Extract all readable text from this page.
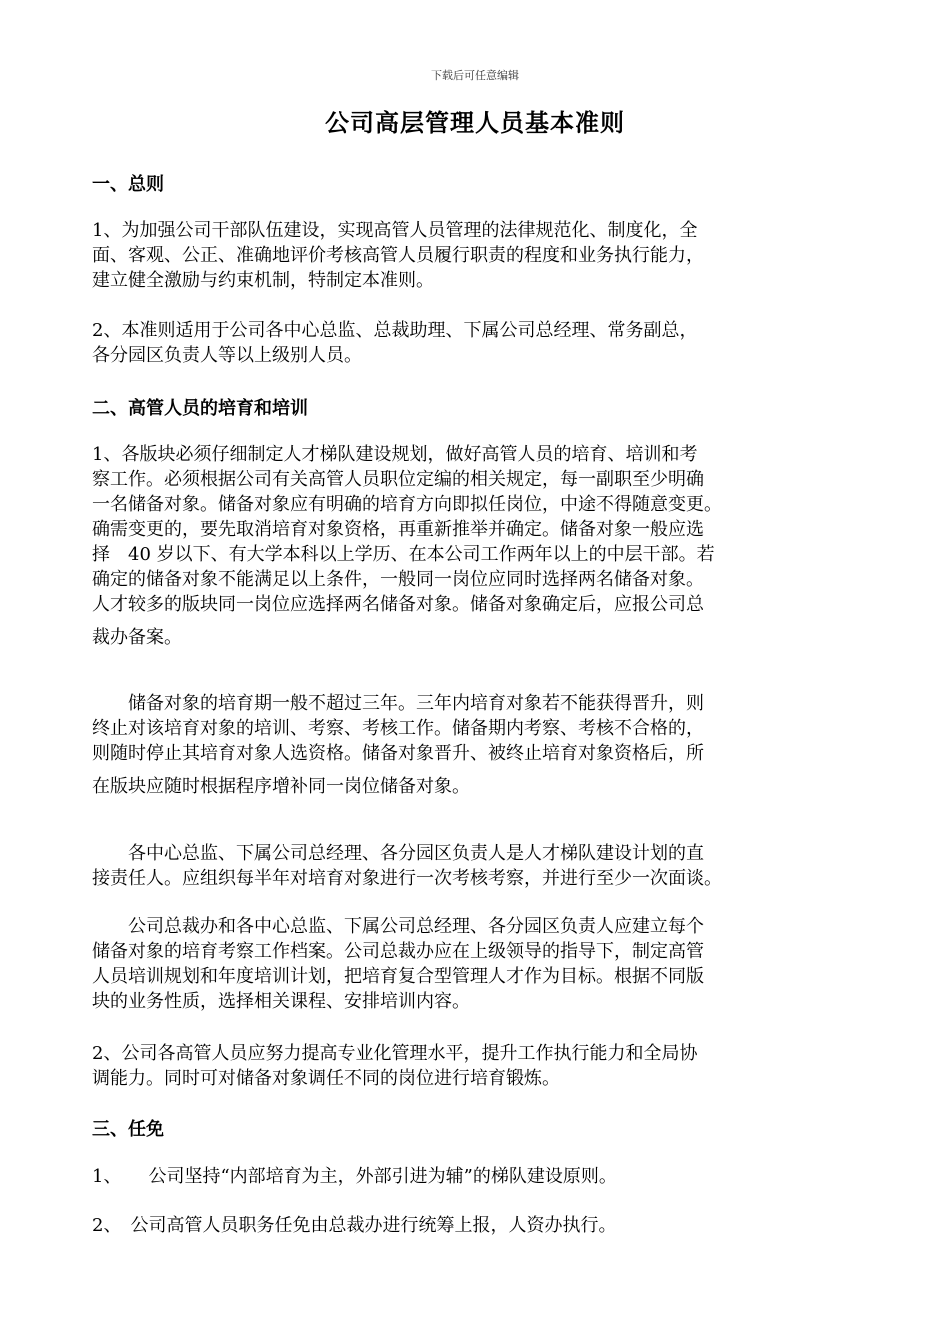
下载后可任意编辑
公司高层管理人员基本准则
一、总则
1、为加强公司干部队伍建设，实现高管人员管理的法律规范化、制度化，全
面、客观、公正、准确地评价考核高管人员履行职责的程度和业务执行能力，
建立健全激励与约束机制，特制定本准则。
2、本准则适用于公司各中心总监、总裁助理、下属公司总经理、常务副总，
各分园区负责人等以上级别人员。
二、高管人员的培育和培训
1、各版块必须仔细制定人才梯队建设规划，做好高管人员的培育、培训和考
察工作。必须根据公司有关高管人员职位定编的相关规定，每一副职至少明确
一名储备对象。储备对象应有明确的培育方向即拟任岗位，中途不得随意变更。
确需变更的，要先取消培育对象资格，再重新推举并确定。储备对象一般应选
择　40 岁以下、有大学本科以上学历、在本公司工作两年以上的中层干部。若
确定的储备对象不能满足以上条件，一般同一岗位应同时选择两名储备对象。
人才较多的版块同一岗位应选择两名储备对象。储备对象确定后，应报公司总
裁办备案。
　　储备对象的培育期一般不超过三年。三年内培育对象若不能获得晋升，则
终止对该培育对象的培训、考察、考核工作。储备期内考察、考核不合格的，
则随时停止其培育对象人选资格。储备对象晋升、被终止培育对象资格后，所
在版块应随时根据程序增补同一岗位储备对象。
　　各中心总监、下属公司总经理、各分园区负责人是人才梯队建设计划的直
接责任人。应组织每半年对培育对象进行一次考核考察，并进行至少一次面谈。
　　公司总裁办和各中心总监、下属公司总经理、各分园区负责人应建立每个
储备对象的培育考察工作档案。公司总裁办应在上级领导的指导下，制定高管
人员培训规划和年度培训计划，把培育复合型管理人才作为目标。根据不同版
块的业务性质，选择相关课程、安排培训内容。
2、公司各高管人员应努力提高专业化管理水平，提升工作执行能力和全局协
调能力。同时可对储备对象调任不同的岗位进行培育锻炼。
三、任免
1、　　公司坚持“内部培育为主，外部引进为辅”的梯队建设原则。
2、　公司高管人员职务任免由总裁办进行统筹上报，人资办执行。
